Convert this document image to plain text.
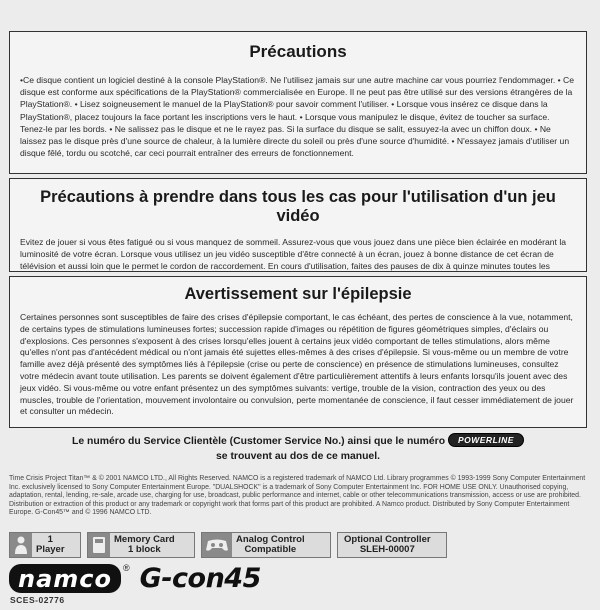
Précautions

•Ce disque contient un logiciel destiné à la console PlayStation®. Ne l'utilisez jamais sur une autre machine car vous pourriez l'endommager. • Ce disque est conforme aux spécifications de la PlayStation® commercialisée en Europe. Il ne peut pas être utilisé sur des versions étrangères de la PlayStation®. • Lisez soigneusement le manuel de la PlayStation® pour savoir comment l'utiliser. • Lorsque vous insérez ce disque dans la PlayStation®, placez toujours la face portant les inscriptions vers le haut. • Lorsque vous manipulez le disque, évitez de toucher sa surface. Tenez-le par les bords. • Ne salissez pas le disque et ne le rayez pas. Si la surface du disque se salit, essuyez-la avec un chiffon doux. • Ne laissez pas le disque près d'une source de chaleur, à la lumière directe du soleil ou près d'une source d'humidité. • N'essayez jamais d'utiliser un disque fêlé, tordu ou scotché, car ceci pourrait entraîner des erreurs de fonctionnement.

Précautions à prendre dans tous les cas pour l'utilisation d'un jeu vidéo

Evitez de jouer si vous êtes fatigué ou si vous manquez de sommeil. Assurez-vous que vous jouez dans une pièce bien éclairée en modérant la luminosité de votre écran. Lorsque vous utilisez un jeu vidéo susceptible d'être connecté à un écran, jouez à bonne distance de cet écran de télévision et aussi loin que le permet le cordon de raccordement. En cours d'utilisation, faites des pauses de dix à quinze minutes toutes les

Avertissement sur l'épilepsie

Certaines personnes sont susceptibles de faire des crises d'épilepsie comportant, le cas échéant, des pertes de conscience à la vue, notamment, de certains types de stimulations lumineuses fortes; succession rapide d'images ou répétition de figures géométriques simples, d'éclairs ou d'explosions. Ces personnes s'exposent à des crises lorsqu'elles jouent à certains jeux vidéo comportant de telles stimulations, alors même qu'elles n'ont pas d'antécédent médical ou n'ont jamais été sujettes elles-mêmes à des crises d'épilepsie. Si vous-même ou un membre de votre famille avez déjà présenté des symptômes liés à l'épilepsie (crise ou perte de conscience) en présence de stimulations lumineuses, consultez votre médecin avant toute utilisation. Les parents se doivent également d'être particulièrement attentifs à leurs enfants lorsqu'ils jouent avec des jeux vidéo. Si vous-même ou votre enfant présentez un des symptômes suivants: vertige, trouble de la vision, contraction des yeux ou des muscles, trouble de l'orientation, mouvement involontaire ou convulsion, perte momentanée de conscience, il faut cesser immédiatement de jouer et consulter un médecin.

Le numéro du Service Clientèle (Customer Service No.) ainsi que le numéro POWERLINE
se trouvent au dos de ce manuel.
Time Crisis Project Titan™ & © 2001 NAMCO LTD., All Rights Reserved. NAMCO is a registered trademark of NAMCO Ltd. Library programmes © 1993-1999 Sony Computer Entertainment Inc. exclusively licensed to Sony Computer Entertainment Europe. "DUALSHOCK" is a trademark of Sony Computer Entertainment Inc. FOR HOME USE ONLY. Unauthorised copying, adaptation, rental, lending, re-sale, arcade use, charging for use, broadcast, public performance and internet, cable or other telecommunications transmission, access or use are prohibited. Distribution or extraction of this product or any trademark or copyright work that forms part of this product are prohibited. A Namco product. Distributed by Sony Computer Entertainment Europe. G-Con45™ and © 1996 NAMCO LTD.
1
Player
Memory Card
1 block
Analog Control
Compatible
Optional Controller
SLEH-00007
namco	® G-con45
SCES-02776
